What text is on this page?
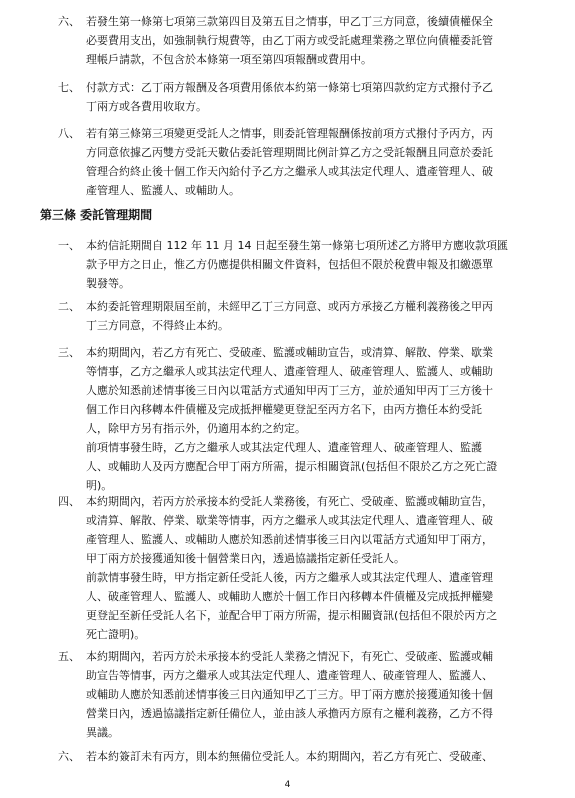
六、 若發生第一條第七項第三款第四目及第五目之情事，甲乙丁三方同意，後續債權保全
必要費用支出，如強制執行規費等，由乙丁兩方或受託處理業務之單位向債權委託管
理帳戶請款，不包含於本條第一項至第四項報酬或費用中。
七、 付款方式：乙丁兩方報酬及各項費用係依本約第一條第七項第四款約定方式撥付予乙
丁兩方或各費用收取方。
八、 若有第三條第三項變更受託人之情事，則委託管理報酬係按前項方式撥付予丙方，丙
方同意依據乙丙雙方受託天數佔委託管理期間比例計算乙方之受託報酬且同意於委託
管理合約終止後十個工作天內給付予乙方之繼承人或其法定代理人、遺產管理人、破
產管理人、監護人、或輔助人。
第三條 委託管理期間
一、 本約信託期間自 112 年 11 月 14 日起至發生第一條第七項所述乙方將甲方應收款項匯
款予甲方之日止，惟乙方仍應提供相關文件資料，包括但不限於稅費申報及扣繳憑單
製發等。
二、 本約委託管理期限屆至前，未經甲乙丁三方同意、或丙方承接乙方權利義務後之甲丙
丁三方同意，不得終止本約。
三、 本約期間內，若乙方有死亡、受破產、監護或輔助宣告，或清算、解散、停業、歇業
等情事，乙方之繼承人或其法定代理人、遺產管理人、破產管理人、監護人、或輔助
人應於知悉前述情事後三日內以電話方式通知甲丙丁三方，並於通知甲丙丁三方後十
個工作日內移轉本件債權及完成抵押權變更登記至丙方名下，由丙方擔任本約受託
人，除甲方另有指示外，仍適用本約之約定。
前項情事發生時，乙方之繼承人或其法定代理人、遺產管理人、破產管理人、監護
人、或輔助人及丙方應配合甲丁兩方所需，提示相關資訊(包括但不限於乙方之死亡證
明)。
四、 本約期間內，若丙方於承接本約受託人業務後，有死亡、受破產、監護或輔助宣告，
或清算、解散、停業、歇業等情事，丙方之繼承人或其法定代理人、遺產管理人、破
產管理人、監護人、或輔助人應於知悉前述情事後三日內以電話方式通知甲丁兩方，
甲丁兩方於接獲通知後十個營業日內，透過協議指定新任受託人。
前款情事發生時，甲方指定新任受託人後，丙方之繼承人或其法定代理人、遺產管理
人、破產管理人、監護人、或輔助人應於十個工作日內移轉本件債權及完成抵押權變
更登記至新任受託人名下，並配合甲丁兩方所需，提示相關資訊(包括但不限於丙方之
死亡證明)。
五、 本約期間內，若丙方於未承接本約受託人業務之情況下，有死亡、受破產、監護或輔
助宣告等情事，丙方之繼承人或其法定代理人、遺產管理人、破產管理人、監護人、
或輔助人應於知悉前述情事後三日內通知甲乙丁三方。甲丁兩方應於接獲通知後十個
營業日內，透過協議指定新任備位人，並由該人承擔丙方原有之權利義務，乙方不得
異議。
六、 若本約簽訂未有丙方，則本約無備位受託人。本約期間內，若乙方有死亡、受破產、
4
